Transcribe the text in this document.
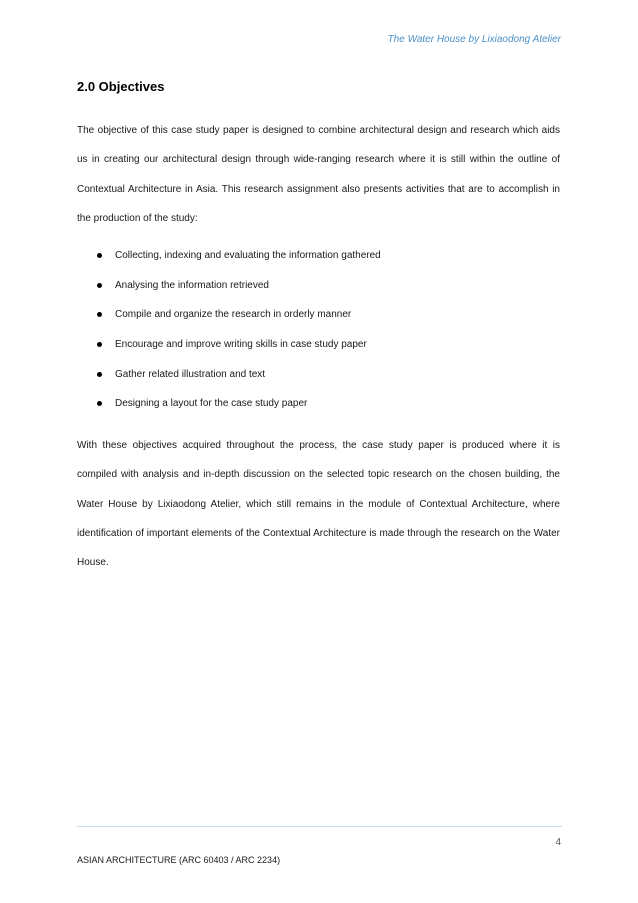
The Water House by Lixiaodong Atelier
2.0 Objectives

The objective of this case study paper is designed to combine architectural design and research which aids us in creating our architectural design through wide-ranging research where it is still within the outline of Contextual Architecture in Asia. This research assignment also presents activities that are to accomplish in the production of the study:

Collecting, indexing and evaluating the information gathered
Analysing the information retrieved
Compile and organize the research in orderly manner
Encourage and improve writing skills in case study paper
Gather related illustration and text
Designing a layout for the case study paper

With these objectives acquired throughout the process, the case study paper is produced where it is compiled with analysis and in-depth discussion on the selected topic research on the chosen building, the Water House by Lixiaodong Atelier, which still remains in the module of Contextual Architecture, where identification of important elements of the Contextual Architecture is made through the research on the Water House.

4
ASIAN ARCHITECTURE (ARC 60403 / ARC 2234)
